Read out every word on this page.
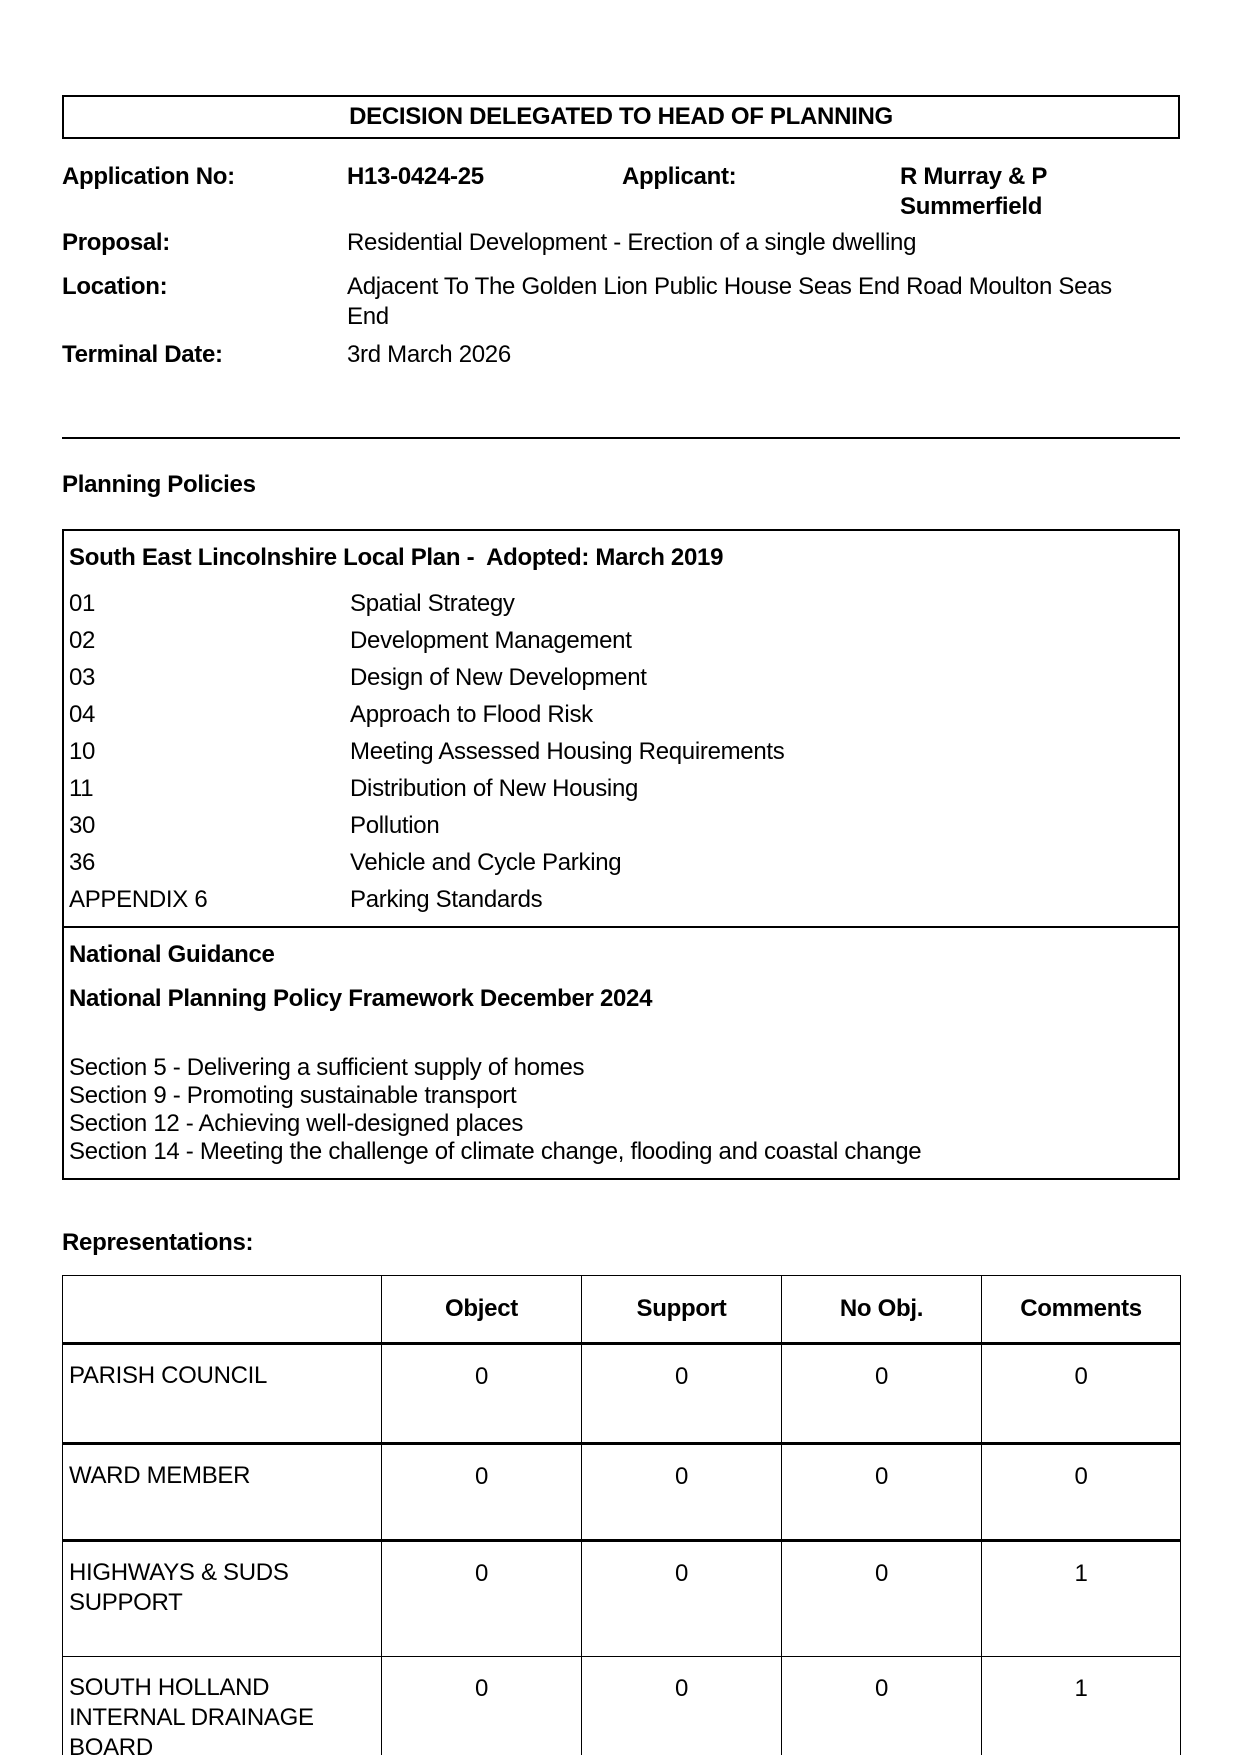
DECISION DELEGATED TO HEAD OF PLANNING
Application No:	H13-0424-25	Applicant:	R Murray & P Summerfield
Proposal:	Residential Development - Erection of a single dwelling
Location:	Adjacent To The Golden Lion Public House Seas End Road Moulton Seas End
Terminal Date:	3rd March 2026
Planning Policies
South East Lincolnshire Local Plan -  Adopted: March 2019
01	Spatial Strategy
02	Development Management
03	Design of New Development
04	Approach to Flood Risk
10	Meeting Assessed Housing Requirements
11	Distribution of New Housing
30	Pollution
36	Vehicle and Cycle Parking
APPENDIX 6	Parking Standards
National Guidance
National Planning Policy Framework December 2024
Section 5 - Delivering a sufficient supply of homes
Section 9 - Promoting sustainable transport
Section 12 - Achieving well-designed places
Section 14 - Meeting the challenge of climate change, flooding and coastal change
Representations:
	Object	Support	No Obj.	Comments
PARISH COUNCIL	0	0	0	0
WARD MEMBER	0	0	0	0
HIGHWAYS & SUDS SUPPORT	0	0	0	1
SOUTH HOLLAND INTERNAL DRAINAGE BOARD	0	0	0	1
